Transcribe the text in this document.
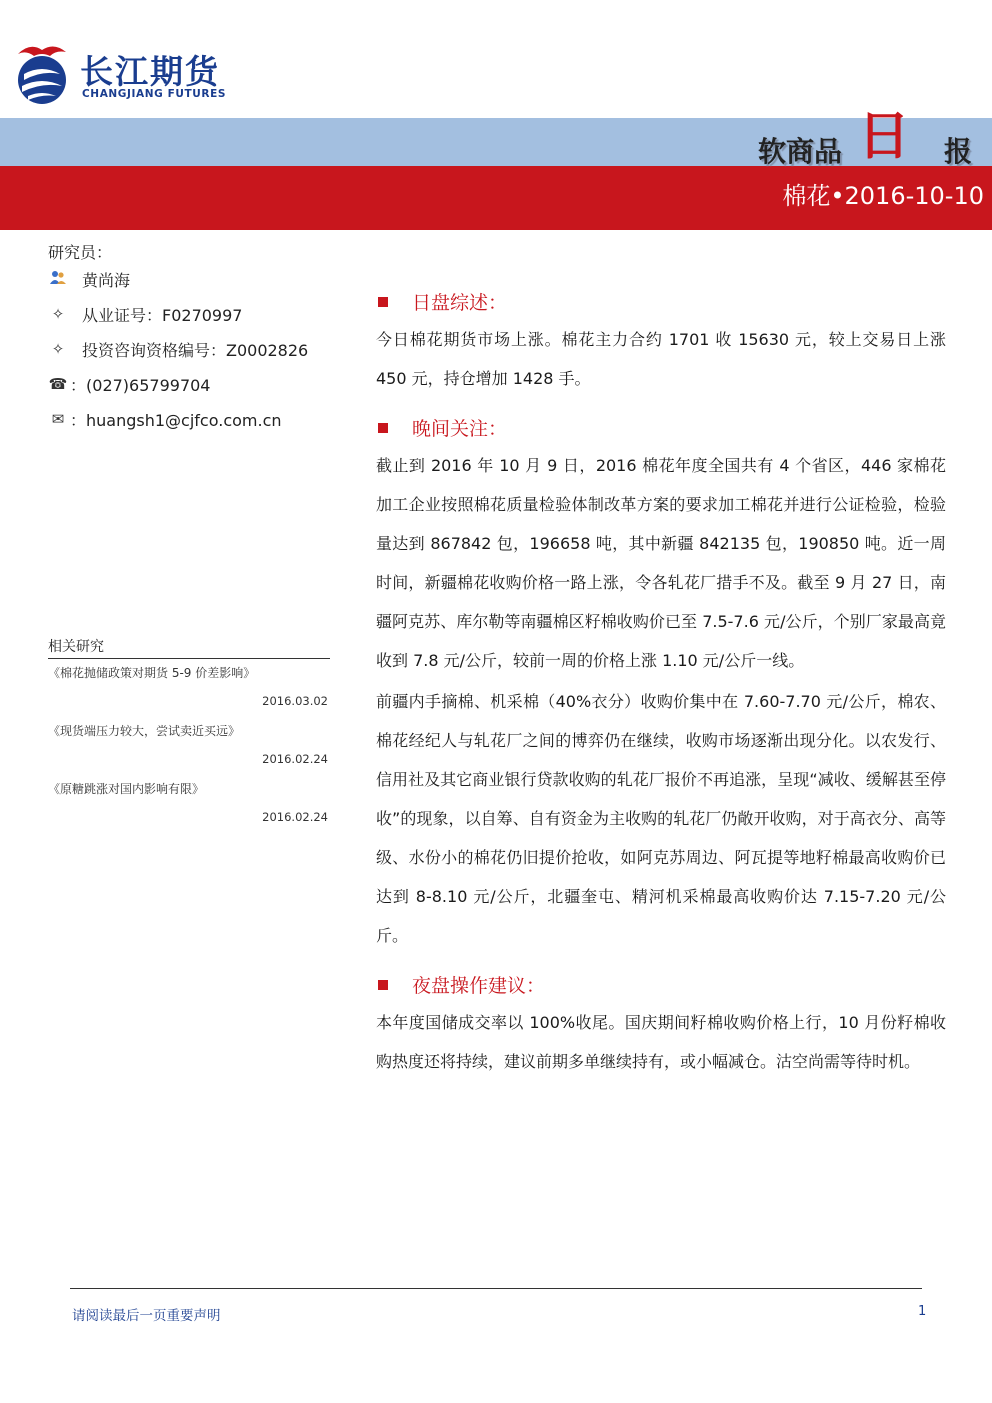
长江期货
CHANGJIANG FUTURES
软商品 日 报
棉花•2016-10-10
研究员：
黄尚海
✧ 从业证号：F0270997
✧ 投资咨询资格编号：Z0002826
☎ ：(027)65799704
✉ ：huangsh1@cjfco.com.cn
相关研究
《棉花抛储政策对期货 5-9 价差影响》
2016.03.02
《现货端压力较大，尝试卖近买远》
2016.02.24
《原糖跳涨对国内影响有限》
2016.02.24
日盘综述：

今日棉花期货市场上涨。棉花主力合约 1701 收 15630 元，较上交易日上涨 450 元，持仓增加 1428 手。

晚间关注：

截止到 2016 年 10 月 9 日，2016 棉花年度全国共有 4 个省区，446 家棉花加工企业按照棉花质量检验体制改革方案的要求加工棉花并进行公证检验，检验量达到 867842 包，196658 吨，其中新疆 842135 包，190850 吨。近一周时间，新疆棉花收购价格一路上涨，令各轧花厂措手不及。截至 9 月 27 日，南疆阿克苏、库尔勒等南疆棉区籽棉收购价已至 7.5-7.6 元/公斤，个别厂家最高竟收到 7.8 元/公斤，较前一周的价格上涨 1.10 元/公斤一线。

前疆内手摘棉、机采棉（40%衣分）收购价集中在 7.60-7.70 元/公斤，棉农、棉花经纪人与轧花厂之间的博弈仍在继续，收购市场逐渐出现分化。以农发行、信用社及其它商业银行贷款收购的轧花厂报价不再追涨，呈现“减收、缓解甚至停收”的现象，以自筹、自有资金为主收购的轧花厂仍敞开收购，对于高衣分、高等级、水份小的棉花仍旧提价抢收，如阿克苏周边、阿瓦提等地籽棉最高收购价已达到 8-8.10 元/公斤，北疆奎屯、精河机采棉最高收购价达 7.15-7.20 元/公斤。

夜盘操作建议：

本年度国储成交率以 100%收尾。国庆期间籽棉收购价格上行，10 月份籽棉收购热度还将持续，建议前期多单继续持有，或小幅减仓。沽空尚需等待时机。

请阅读最后一页重要声明	1
